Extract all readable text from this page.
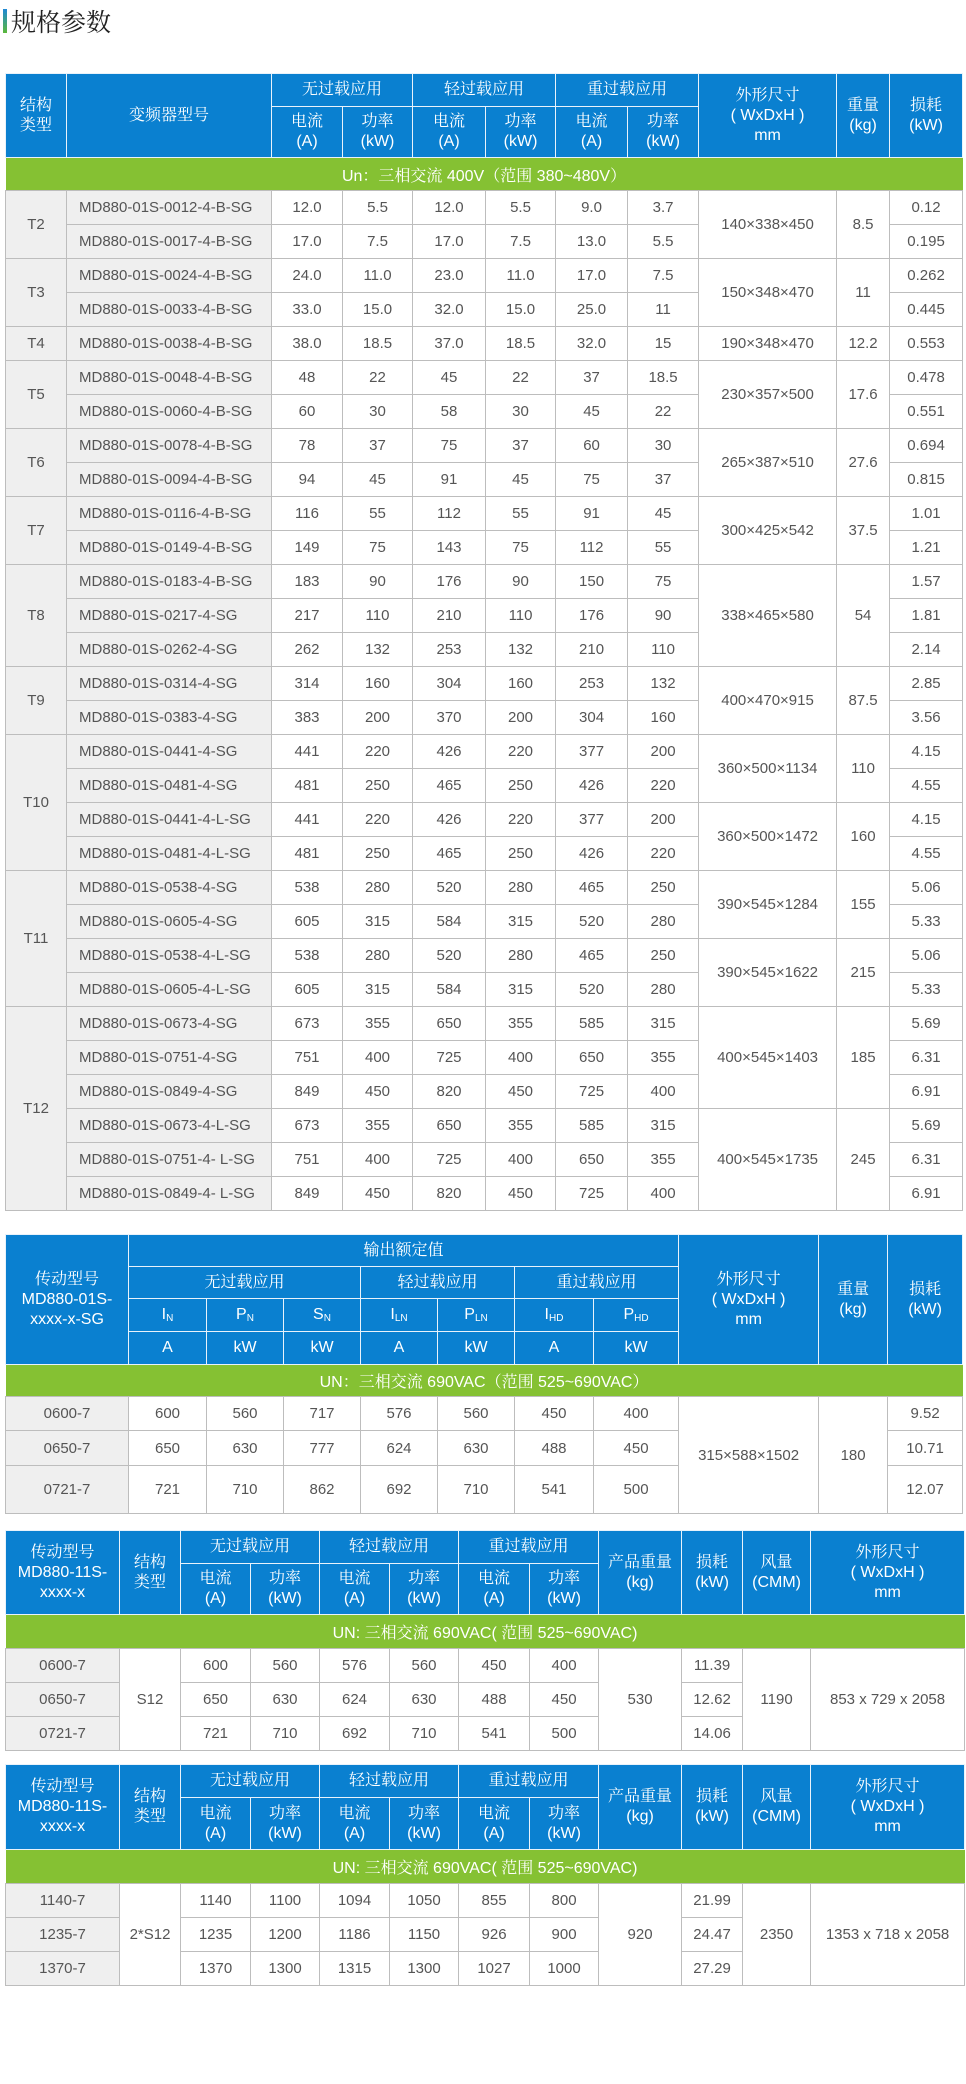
规格参数
结构
类型	变频器型号	无过载应用		轻过载应用		重过载应用		外形尺寸
( WxDxH )
mm	重量
(kg)	损耗
(kW)
		电流
(A)	功率
(kW)	电流
(A)	功率
(kW)	电流
(A)	功率
(kW)			
Un：三相交流 400V（范围 380~480V）										
T2	MD880-01S-0012-4-B-SG	12.0	5.5	12.0	5.5	9.0	3.7	140×338×450	8.5	0.12
	MD880-01S-0017-4-B-SG	17.0	7.5	17.0	7.5	13.0	5.5			0.195
T3	MD880-01S-0024-4-B-SG	24.0	11.0	23.0	11.0	17.0	7.5	150×348×470	11	0.262
	MD880-01S-0033-4-B-SG	33.0	15.0	32.0	15.0	25.0	11			0.445
T4	MD880-01S-0038-4-B-SG	38.0	18.5	37.0	18.5	32.0	15	190×348×470	12.2	0.553
T5	MD880-01S-0048-4-B-SG	48	22	45	22	37	18.5	230×357×500	17.6	0.478
	MD880-01S-0060-4-B-SG	60	30	58	30	45	22			0.551
T6	MD880-01S-0078-4-B-SG	78	37	75	37	60	30	265×387×510	27.6	0.694
	MD880-01S-0094-4-B-SG	94	45	91	45	75	37			0.815
T7	MD880-01S-0116-4-B-SG	116	55	112	55	91	45	300×425×542	37.5	1.01
	MD880-01S-0149-4-B-SG	149	75	143	75	112	55			1.21
T8	MD880-01S-0183-4-B-SG	183	90	176	90	150	75	338×465×580	54	1.57
	MD880-01S-0217-4-SG	217	110	210	110	176	90			1.81
	MD880-01S-0262-4-SG	262	132	253	132	210	110			2.14
T9	MD880-01S-0314-4-SG	314	160	304	160	253	132	400×470×915	87.5	2.85
	MD880-01S-0383-4-SG	383	200	370	200	304	160			3.56
T10	MD880-01S-0441-4-SG	441	220	426	220	377	200	360×500×1134	110	4.15
	MD880-01S-0481-4-SG	481	250	465	250	426	220			4.55
	MD880-01S-0441-4-L-SG	441	220	426	220	377	200	360×500×1472	160	4.15
	MD880-01S-0481-4-L-SG	481	250	465	250	426	220			4.55
T11	MD880-01S-0538-4-SG	538	280	520	280	465	250	390×545×1284	155	5.06
	MD880-01S-0605-4-SG	605	315	584	315	520	280			5.33
	MD880-01S-0538-4-L-SG	538	280	520	280	465	250	390×545×1622	215	5.06
	MD880-01S-0605-4-L-SG	605	315	584	315	520	280			5.33
T12	MD880-01S-0673-4-SG	673	355	650	355	585	315	400×545×1403	185	5.69
	MD880-01S-0751-4-SG	751	400	725	400	650	355			6.31
	MD880-01S-0849-4-SG	849	450	820	450	725	400			6.91
	MD880-01S-0673-4-L-SG	673	355	650	355	585	315	400×545×1735	245	5.69
	MD880-01S-0751-4- L-SG	751	400	725	400	650	355			6.31
	MD880-01S-0849-4- L-SG	849	450	820	450	725	400			6.91
传动型号
MD880-01S-
xxxx-x-SG	输出额定值							外形尺寸
( WxDxH )
mm	重量
(kg)	损耗
(kW)
	无过载应用			轻过载应用		重过载应用				
	$I_N$	$P_N$	$S_N$	$I_{LN}$	$P_{LN}$	$I_{HD}$	$P_{HD}$
	A	kW	kW	A	kW	A	kW			
UN：三相交流 690VAC（范围 525~690VAC）										
0600-7	600	560	717	576	560	450	400	315×588×1502	180	9.52
0650-7	650	630	777	624	630	488	450			10.71
0721-7	721	710	862	692	710	541	500			12.07
传动型号
MD880-11S-
xxxx-x	结构
类型	无过载应用		轻过载应用		重过载应用		产品重量
(kg)	损耗
(kW)	风量
(CMM)	外形尺寸
( WxDxH )
mm
		电流
(A)	功率
(kW)	电流
(A)	功率
(kW)	电流
(A)	功率
(kW)				
UN: 三相交流 690VAC( 范围 525~690VAC)											
0600-7	S12	600	560	576	560	450	400	530	11.39	1190	853 x 729 x 2058
0650-7		650	630	624	630	488	450		12.62		
0721-7		721	710	692	710	541	500		14.06		
传动型号
MD880-11S-
xxxx-x	结构
类型	无过载应用		轻过载应用		重过载应用		产品重量
(kg)	损耗
(kW)	风量
(CMM)	外形尺寸
( WxDxH )
mm
		电流
(A)	功率
(kW)	电流
(A)	功率
(kW)	电流
(A)	功率
(kW)				
UN: 三相交流 690VAC( 范围 525~690VAC)											
1140-7	2*S12	1140	1100	1094	1050	855	800	920	21.99	2350	1353 x 718 x 2058
1235-7		1235	1200	1186	1150	926	900		24.47		
1370-7		1370	1300	1315	1300	1027	1000		27.29		
